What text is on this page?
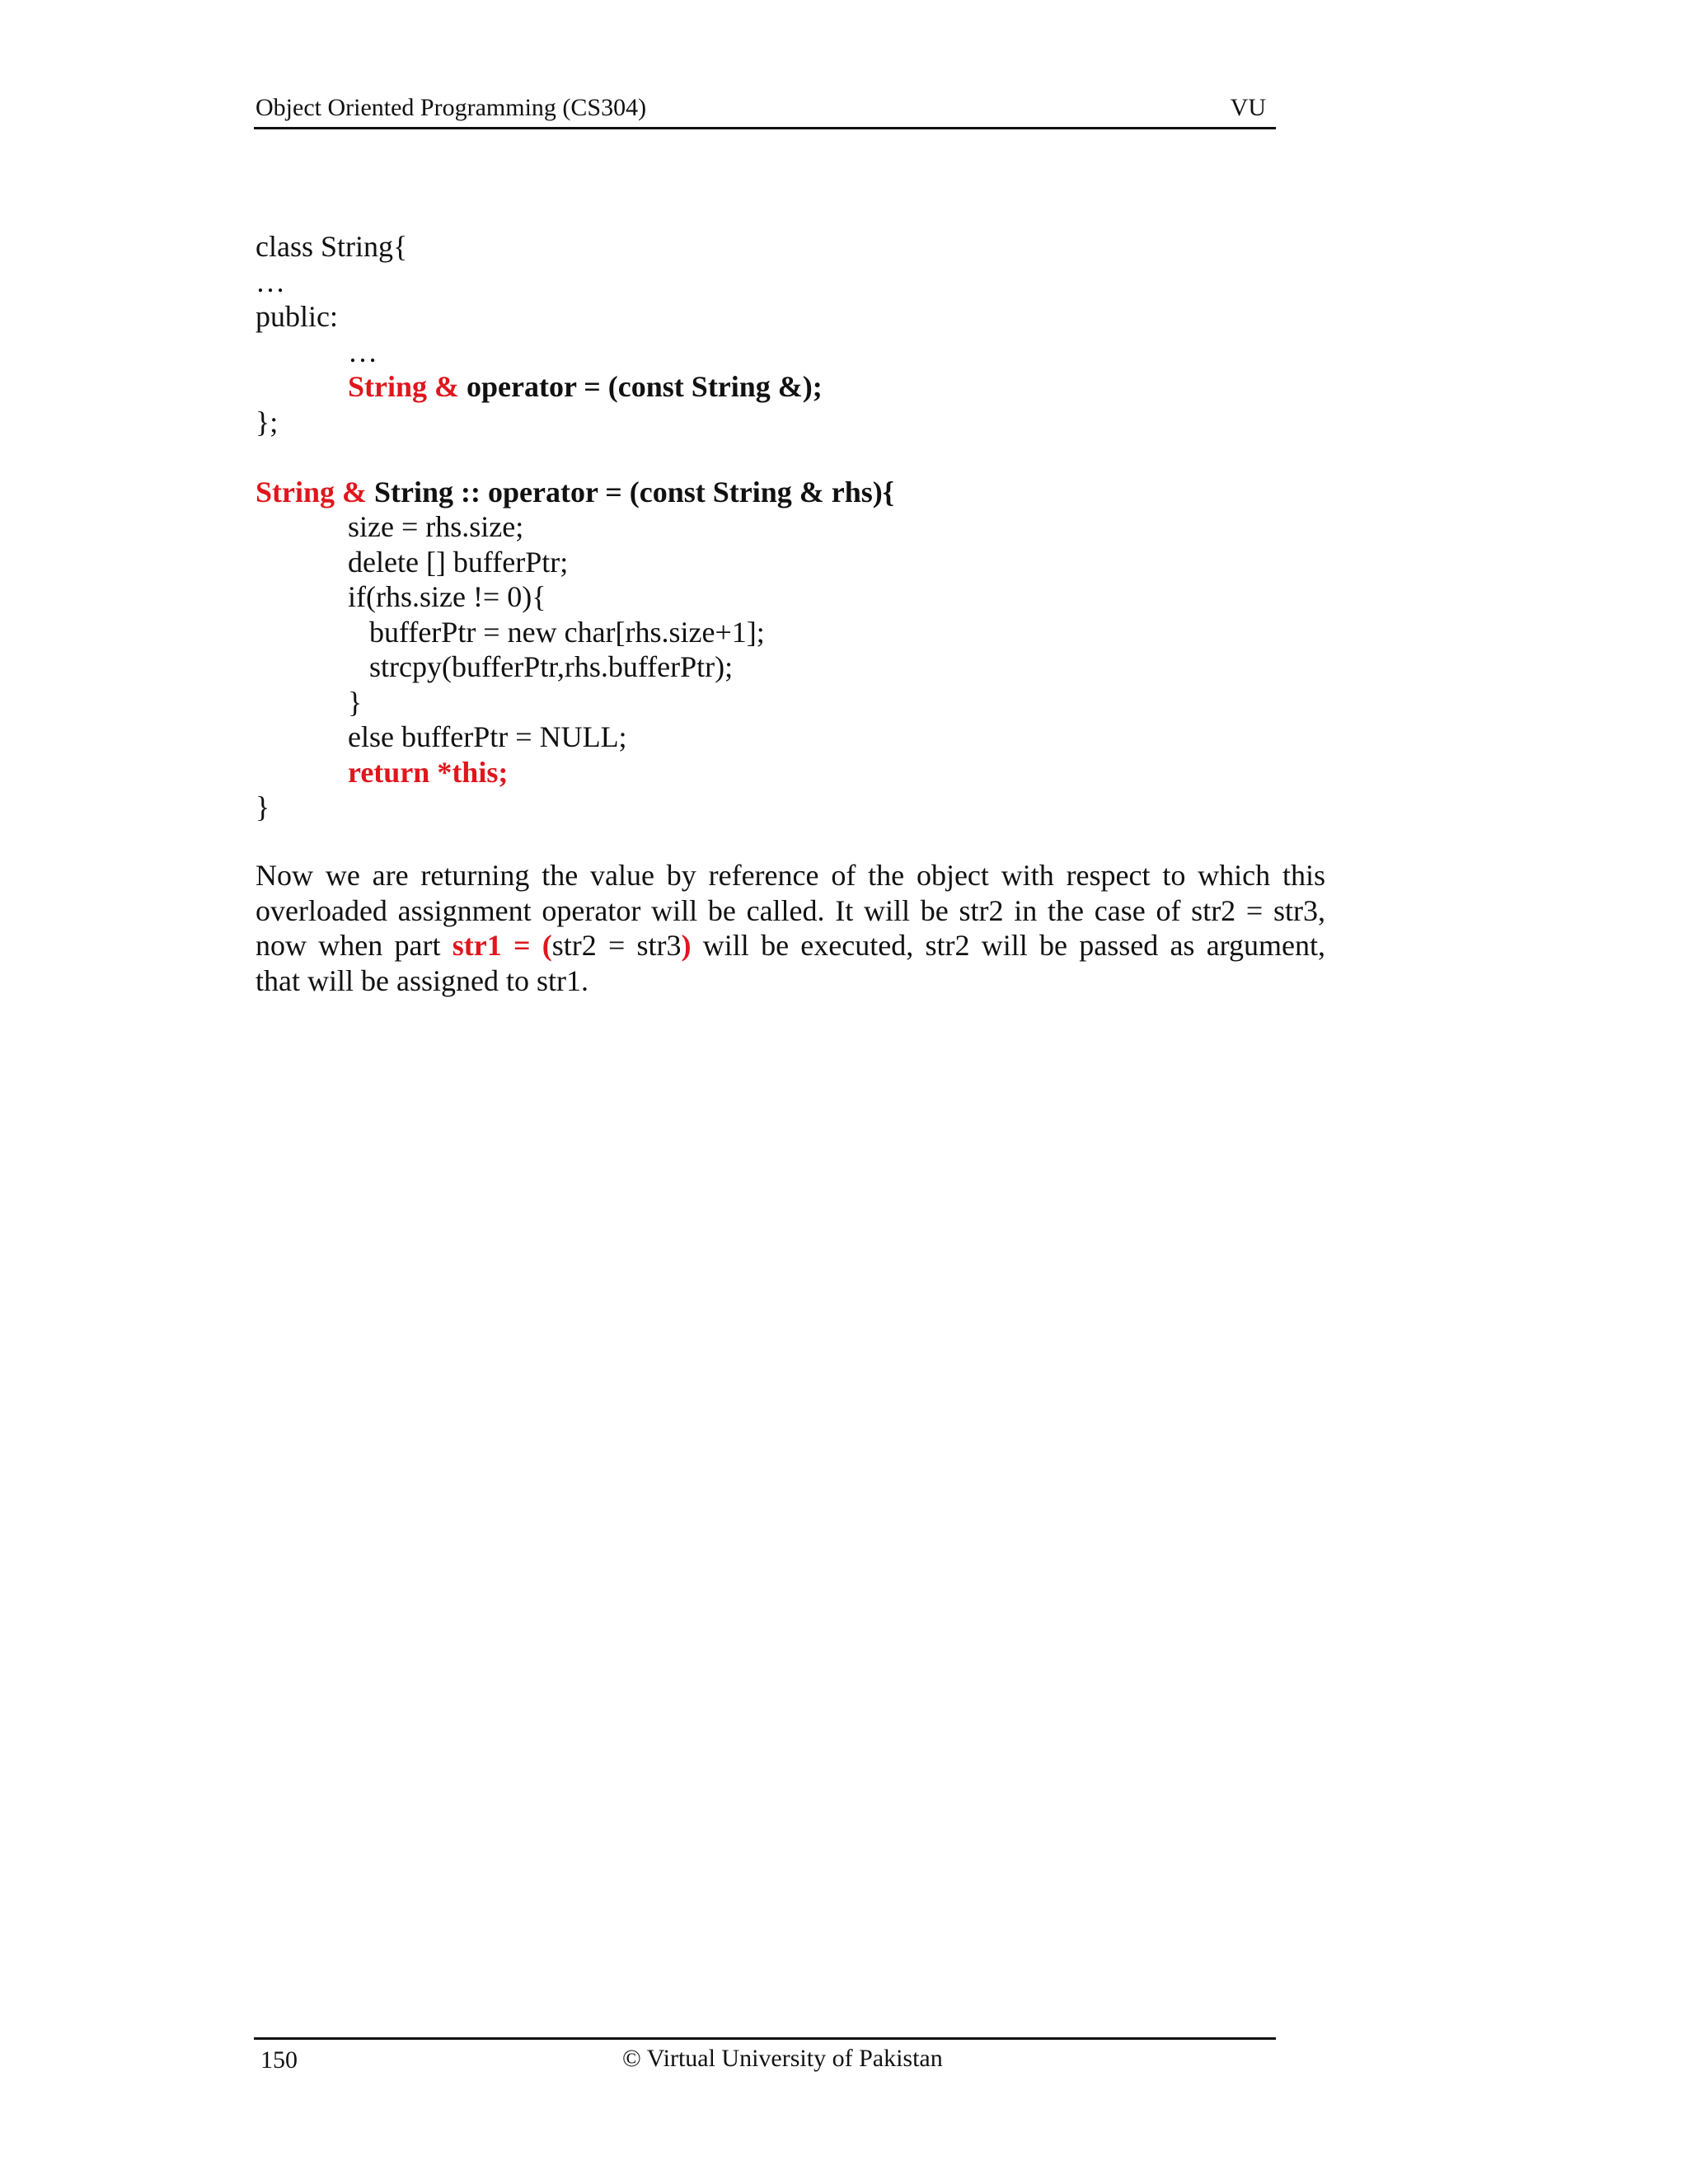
Object Oriented Programming (CS304)	VU
class String{
…
public:
…
String & operator = (const String &);
};
String & String :: operator = (const String & rhs){
size = rhs.size;
delete [] bufferPtr;
if(rhs.size != 0){
bufferPtr = new char[rhs.size+1];
strcpy(bufferPtr,rhs.bufferPtr);
}
else bufferPtr = NULL;
return *this;
}
Now we are returning the value by reference of the object with respect to which this
overloaded assignment operator will be called. It will be str2 in the case of str2 = str3,
now when part str1 = (str2 = str3) will be executed, str2 will be passed as argument,
that will be assigned to str1.
150	© Virtual University of Pakistan
